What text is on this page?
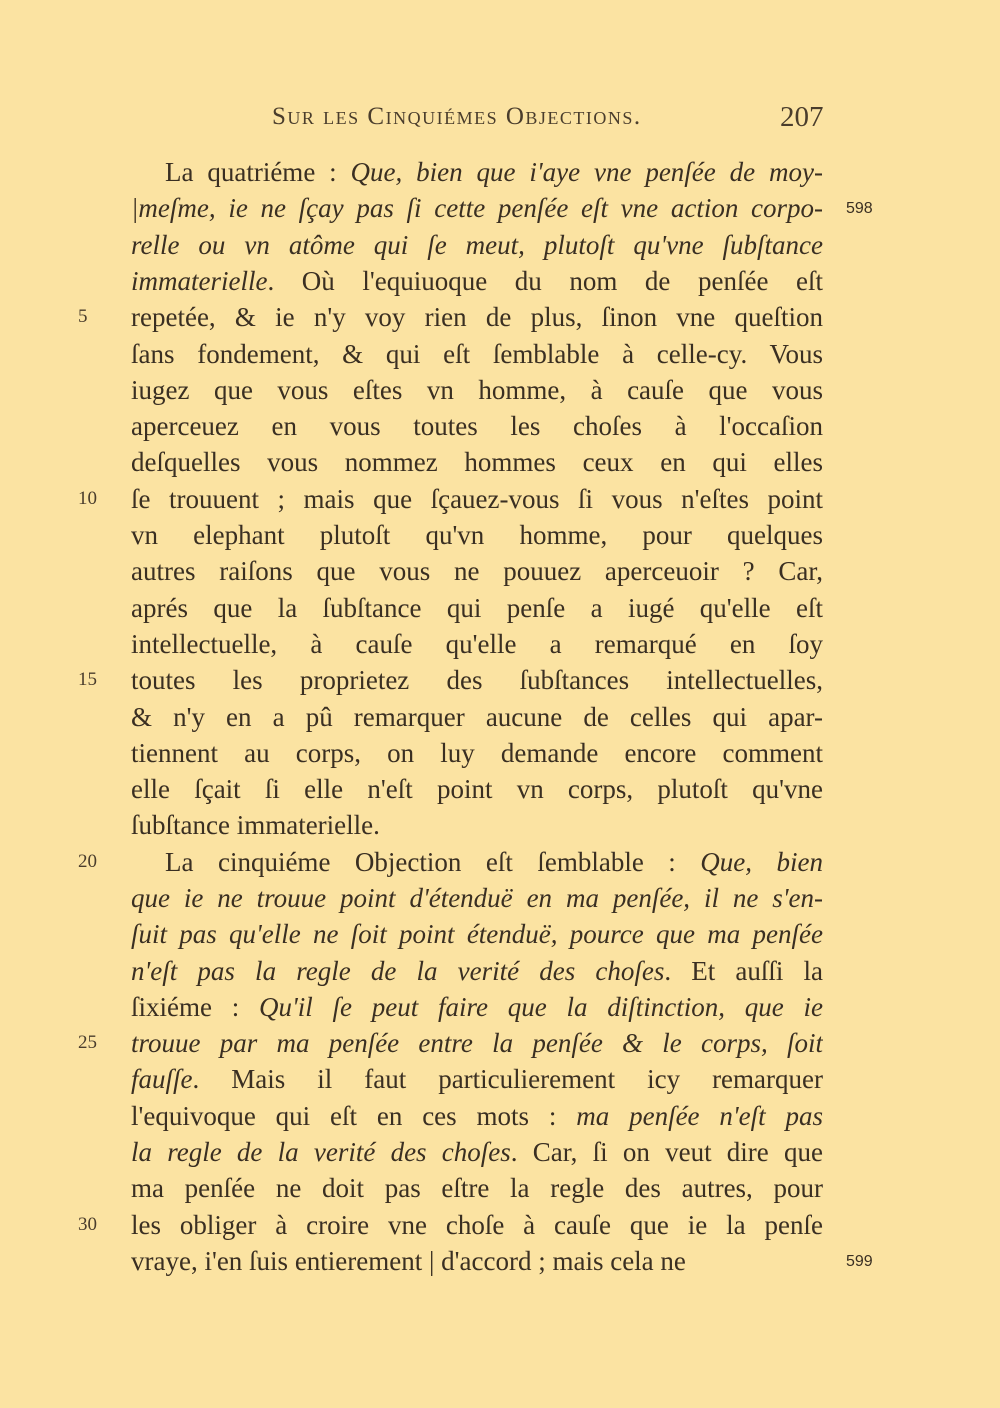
Sur les Cinquiémes Objections.	207
La quatriéme : Que, bien que i'aye vne penſée de moy-
|meſme, ie ne ſçay pas ſi cette penſée eſt vne action corpo- 598
relle ou vn atôme qui ſe meut, plutoſt qu'vne ſubſtance
immaterielle. Où l'equiuoque du nom de penſée eſt
repetée, & ie n'y voy rien de plus, ſinon vne queſtion
5
ſans fondement, & qui eſt ſemblable à celle-cy. Vous
iugez que vous eſtes vn homme, à cauſe que vous
aperceuez en vous toutes les choſes à l'occaſion
deſquelles vous nommez hommes ceux en qui elles
ſe trouuent ; mais que ſçauez-vous ſi vous n'eſtes point
10
vn elephant plutoſt qu'vn homme, pour quelques
autres raiſons que vous ne pouuez aperceuoir ? Car,
aprés que la ſubſtance qui penſe a iugé qu'elle eſt
intellectuelle, à cauſe qu'elle a remarqué en ſoy
toutes les proprietez des ſubſtances intellectuelles,
15
& n'y en a pû remarquer aucune de celles qui apar-
tiennent au corps, on luy demande encore comment
elle ſçait ſi elle n'eſt point vn corps, plutoſt qu'vne
ſubſtance immaterielle.
La cinquiéme Objection eſt ſemblable : Que, bien
20
que ie ne trouue point d'étenduë en ma penſée, il ne s'en-
ſuit pas qu'elle ne ſoit point étenduë, pource que ma penſée
n'eſt pas la regle de la verité des choſes. Et auſſi la
ſixiéme : Qu'il ſe peut faire que la diſtinction, que ie
trouue par ma penſée entre la penſée & le corps, ſoit
25
fauſſe. Mais il faut particulierement icy remarquer
l'equivoque qui eſt en ces mots : ma penſée n'eſt pas
la regle de la verité des choſes. Car, ſi on veut dire que
ma penſée ne doit pas eſtre la regle des autres, pour
les obliger à croire vne choſe à cauſe que ie la penſe
30
vraye, i'en ſuis entierement | d'accord ; mais cela ne	599
